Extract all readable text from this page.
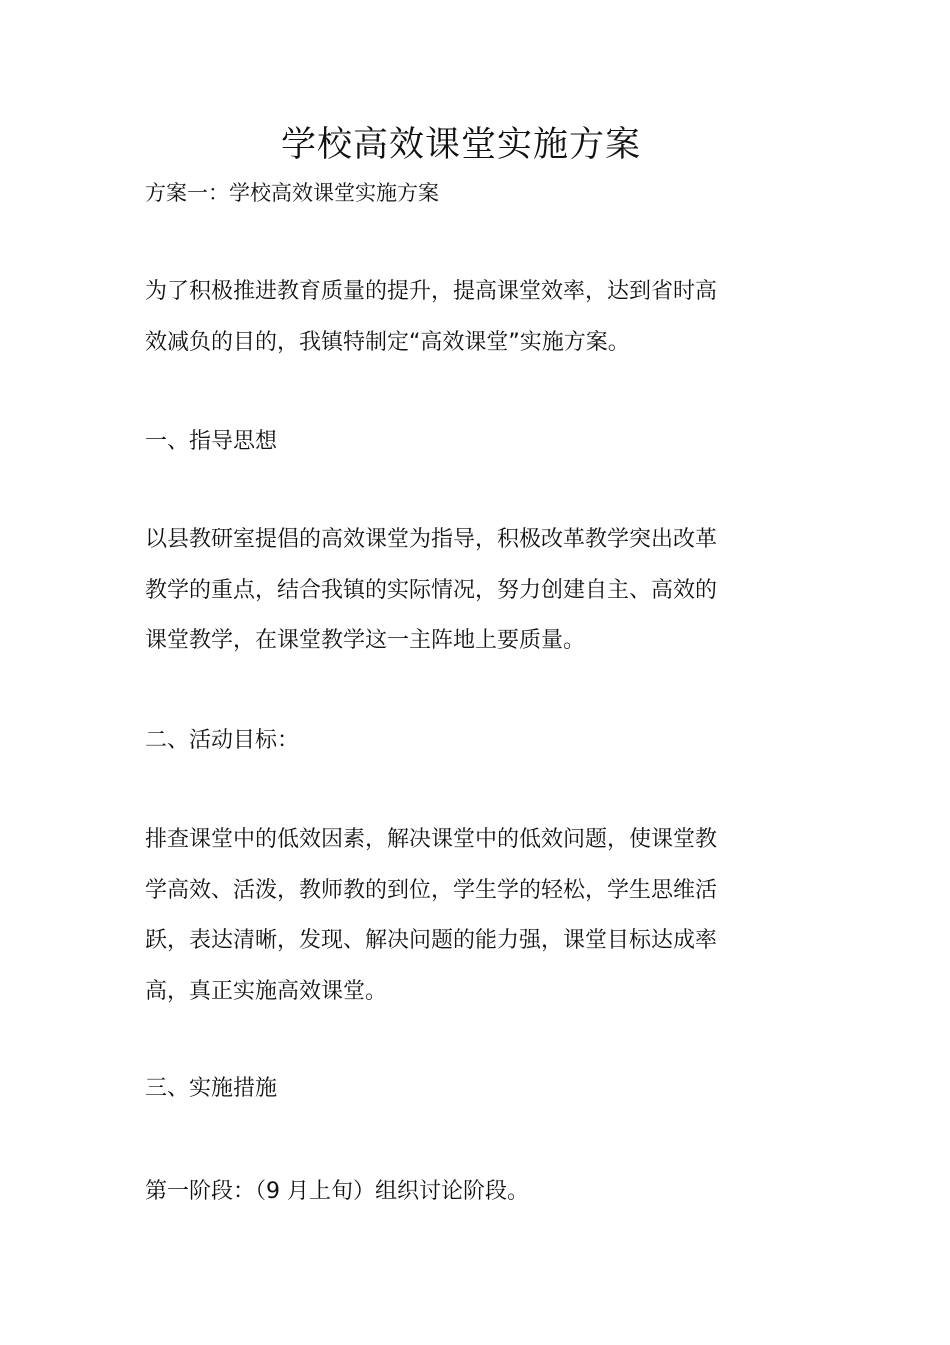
学校高效课堂实施方案
方案一：学校高效课堂实施方案
为了积极推进教育质量的提升，提高课堂效率，达到省时高
效减负的目的，我镇特制定“高效课堂”实施方案。
一、指导思想
以县教研室提倡的高效课堂为指导，积极改革教学突出改革
教学的重点，结合我镇的实际情况，努力创建自主、高效的
课堂教学，在课堂教学这一主阵地上要质量。
二、活动目标：
排查课堂中的低效因素，解决课堂中的低效问题，使课堂教
学高效、活泼，教师教的到位，学生学的轻松，学生思维活
跃，表达清晰，发现、解决问题的能力强，课堂目标达成率
高，真正实施高效课堂。
三、实施措施
第一阶段：（9 月上旬）组织讨论阶段。
